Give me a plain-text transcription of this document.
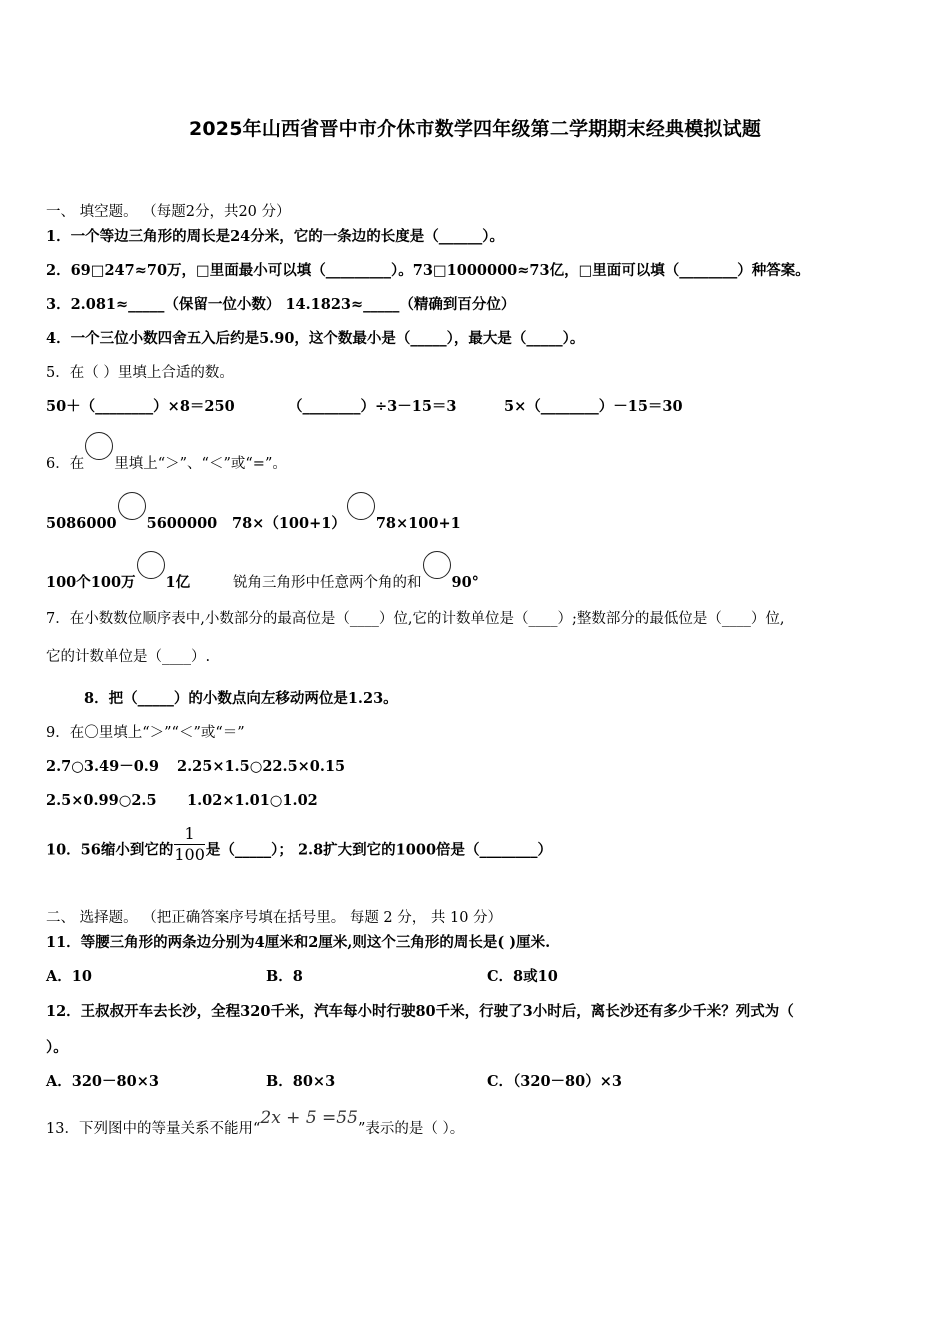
2025年山西省晋中市介休市数学四年级第二学期期末经典模拟试题
一、 填空题。 （每题2分，共20 分）
1．一个等边三角形的周长是24分米，它的一条边的长度是（______）。
2．69□247≈70万，□里面最小可以填（_________）。73□1000000≈73亿，□里面可以填（________）种答案。
3．2.081≈_____（保留一位小数） 14.1823≈_____（精确到百分位）
4．一个三位小数四舍五入后约是5.90，这个数最小是（_____），最大是（_____）。
5．在（ ）里填上合适的数。
50＋（________）×8＝250	（________）÷3－15＝3	5×（________）－15＝30
6．在 里填上“＞”、“＜”或“=”。
5086000 5600000 78×（100+1） 78×100+1
100个100万 1亿	锐角三角形中任意两个角的和 90°
7．在小数数位顺序表中,小数部分的最高位是（____）位,它的计数单位是（____）;整数部分的最低位是（____）位,
它的计数单位是（____）.
8．把（_____）的小数点向左移动两位是1.23。
9．在〇里填上“＞”“＜”或“＝”
2.7○3.49－0.9 2.25×1.5○22.5×0.15
2.5×0.99○2.5 1.02×1.01○1.02
10．56缩小到它的 $\frac{1}{100}$ 是（_____）； 2.8扩大到它的1000倍是（________）
二、 选择题。 （把正确答案序号填在括号里。 每题 2 分， 共 10 分）
11．等腰三角形的两条边分别为4厘米和2厘米,则这个三角形的周长是( )厘米.
A．10	B．8	C．8或10
12．王叔叔开车去长沙，全程320千米，汽车每小时行驶80千米，行驶了3小时后，离长沙还有多少千米？列式为（
）。
A．320－80×3	B．80×3	C．（320－80）×3
13．下列图中的等量关系不能用“2x + 5 =55”表示的是（ ）。
